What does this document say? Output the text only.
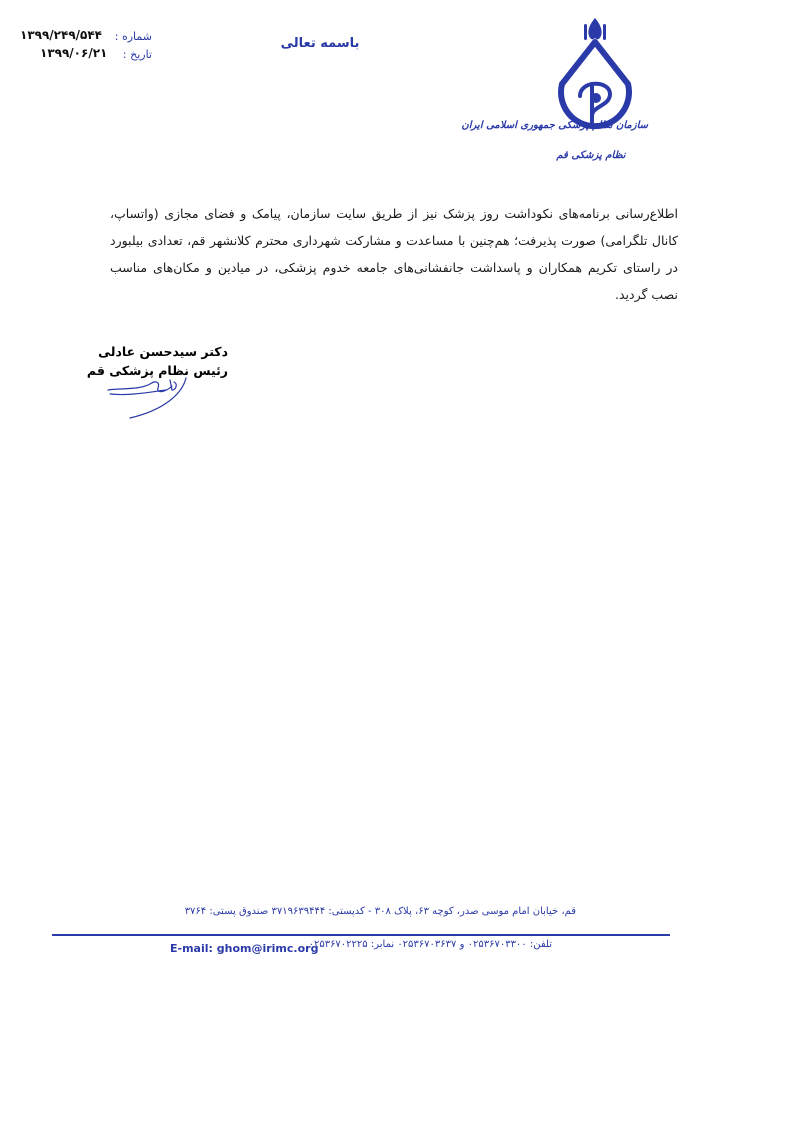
شماره :
۱۳۹۹/۲۴۹/۵۴۴
تاریخ :
۱۳۹۹/۰۶/۲۱
باسمه تعالی
سازمان نظام پزشکی جمهوری اسلامی ایران
نظام پزشکی قم
اطلاع‌رسانی برنامه‌های نکوداشت روز پزشک نیز از طریق سایت سازمان، پیامک و فضای مجازی (واتساپ، کانال تلگرامی) صورت پذیرفت؛ هم‌چنین با مساعدت و مشارکت شهرداری محترم کلانشهر قم، تعدادی بیلبورد در راستای تکریم همکاران و پاسداشت جانفشانی‌های جامعه خدوم پزشکی، در میادین و مکان‌های مناسب نصب گردید.
دکتر سیدحسن عادلی
رئیس نظام پزشکی قم
قم، خیابان امام موسی صدر، کوچه ۶۳، پلاک ۳۰۸ - کدپستی: ۳۷۱۹۶۳۹۴۴۴ صندوق پستی: ۳۷۶۴
تلفن: ۰۲۵۳۶۷۰۳۳۰۰ و ۰۲۵۳۶۷۰۳۶۳۷ نمابر: ۰۲۵۳۶۷۰۲۲۲۵
E-mail: ghom@irimc.org
